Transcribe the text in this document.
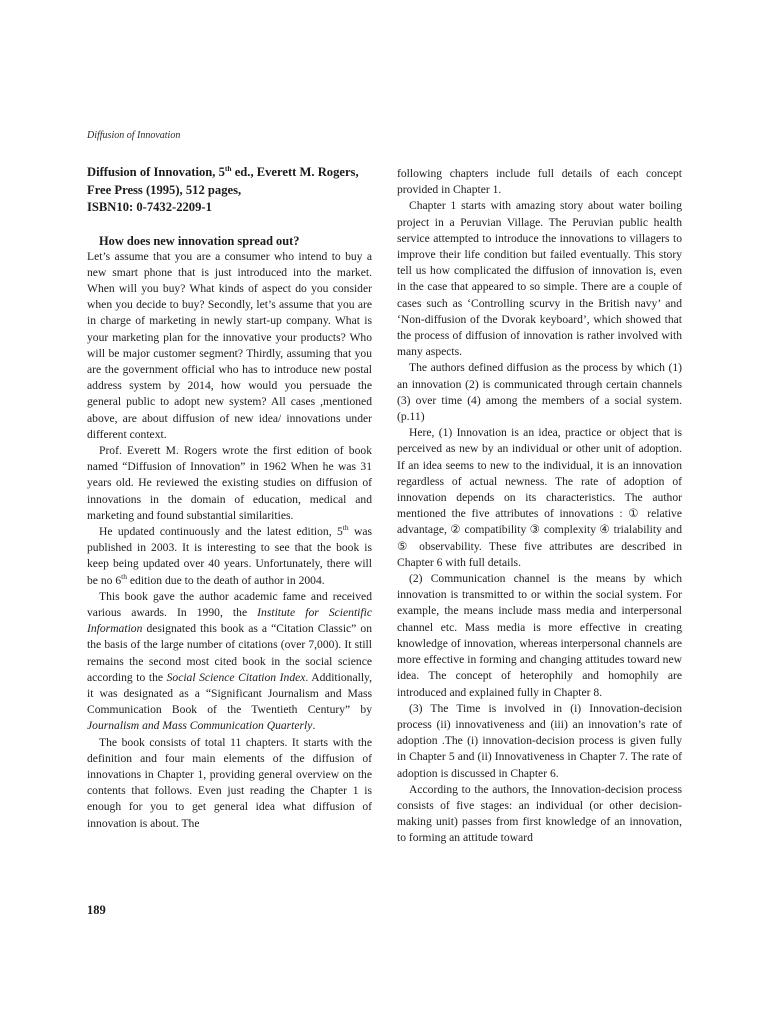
Diffusion of Innovation
Diffusion of Innovation, 5th ed., Everett M. Rogers, Free Press (1995), 512 pages,
ISBN10: 0-7432-2209-1

How does new innovation spread out?

Let’s assume that you are a consumer who intend to buy a new smart phone that is just introduced into the market. When will you buy? What kinds of aspect do you consider when you decide to buy? Secondly, let’s assume that you are in charge of marketing in newly start-up company. What is your marketing plan for the innovative your products? Who will be major customer segment? Thirdly, assuming that you are the government official who has to introduce new postal address system by 2014, how would you persuade the general public to adopt new system? All cases ,mentioned above, are about diffusion of new idea/ innovations under different context.

Prof. Everett M. Rogers wrote the first edition of book named “Diffusion of Innovation” in 1962 When he was 31 years old. He reviewed the existing studies on diffusion of innovations in the domain of education, medical and marketing and found substantial similarities.

He updated continuously and the latest edition, 5th was published in 2003. It is interesting to see that the book is keep being updated over 40 years. Unfortunately, there will be no 6th edition due to the death of author in 2004.

This book gave the author academic fame and received various awards. In 1990, the Institute for Scientific Information designated this book as a “Citation Classic” on the basis of the large number of citations (over 7,000). It still remains the second most cited book in the social science according to the Social Science Citation Index. Additionally, it was designated as a “Significant Journalism and Mass Communication Book of the Twentieth Century” by Journalism and Mass Communication Quarterly.

The book consists of total 11 chapters. It starts with the definition and four main elements of the diffusion of innovations in Chapter 1, providing general overview on the contents that follows. Even just reading the Chapter 1 is enough for you to get general idea what diffusion of innovation is about. The

following chapters include full details of each concept provided in Chapter 1.

Chapter 1 starts with amazing story about water boiling project in a Peruvian Village. The Peruvian public health service attempted to introduce the innovations to villagers to improve their life condition but failed eventually. This story tell us how complicated the diffusion of innovation is, even in the case that appeared to so simple. There are a couple of cases such as ‘Controlling scurvy in the British navy’ and ‘Non-diffusion of the Dvorak keyboard’, which showed that the process of diffusion of innovation is rather involved with many aspects.

The authors defined diffusion as the process by which (1) an innovation (2) is communicated through certain channels (3) over time (4) among the members of a social system. (p.11)

Here, (1) Innovation is an idea, practice or object that is perceived as new by an individual or other unit of adoption. If an idea seems to new to the individual, it is an innovation regardless of actual newness. The rate of adoption of innovation depends on its characteristics. The author mentioned the five attributes of innovations : ① relative advantage, ② compatibility ③ complexity ④ trialability and ⑤ observability. These five attributes are described in Chapter 6 with full details.

(2) Communication channel is the means by which innovation is transmitted to or within the social system. For example, the means include mass media and interpersonal channel etc. Mass media is more effective in creating knowledge of innovation, whereas interpersonal channels are more effective in forming and changing attitudes toward new idea. The concept of heterophily and homophily are introduced and explained fully in Chapter 8.

(3) The Time is involved in (i) Innovation-decision process (ii) innovativeness and (iii) an innovation’s rate of adoption .The (i) innovation-decision process is given fully in Chapter 5 and (ii) Innovativeness in Chapter 7. The rate of adoption is discussed in Chapter 6.

According to the authors, the Innovation-decision process consists of five stages: an individual (or other decision-making unit) passes from first knowledge of an innovation, to forming an attitude toward

189
